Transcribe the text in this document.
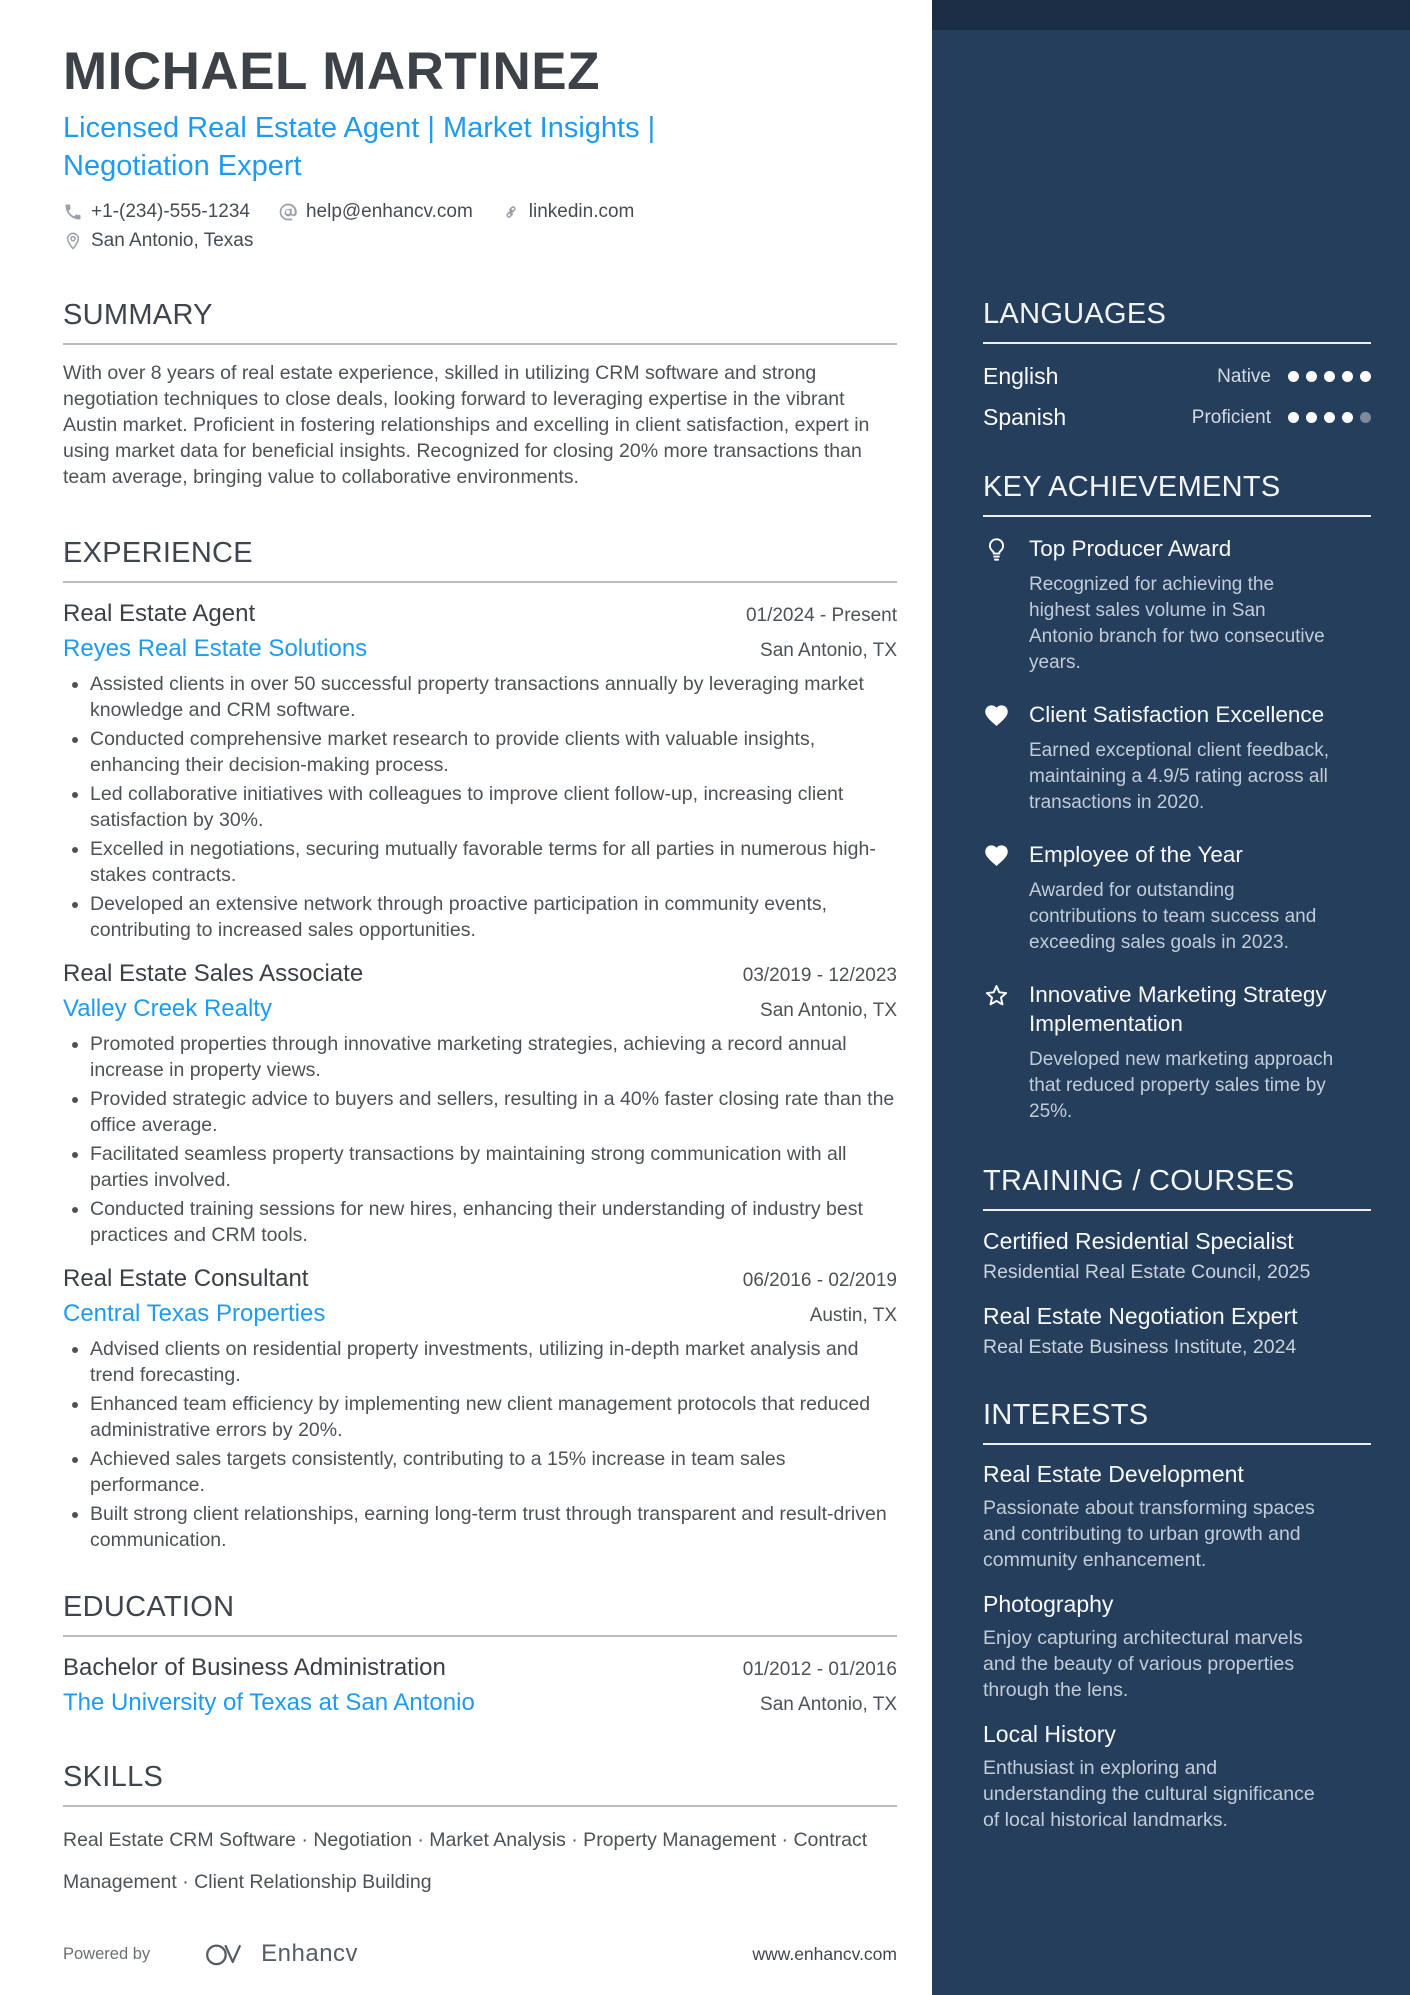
MICHAEL MARTINEZ
Licensed Real Estate Agent | Market Insights | Negotiation Expert
+1-(234)-555-1234	help@enhancv.com	linkedin.com
San Antonio, Texas
SUMMARY
With over 8 years of real estate experience, skilled in utilizing CRM software and strong negotiation techniques to close deals, looking forward to leveraging expertise in the vibrant Austin market. Proficient in fostering relationships and excelling in client satisfaction, expert in using market data for beneficial insights. Recognized for closing 20% more transactions than team average, bringing value to collaborative environments.
EXPERIENCE
Real Estate Agent	01/2024 - Present
Reyes Real Estate Solutions	San Antonio, TX
• Assisted clients in over 50 successful property transactions annually by leveraging market knowledge and CRM software.
• Conducted comprehensive market research to provide clients with valuable insights, enhancing their decision-making process.
• Led collaborative initiatives with colleagues to improve client follow-up, increasing client satisfaction by 30%.
• Excelled in negotiations, securing mutually favorable terms for all parties in numerous high-stakes contracts.
• Developed an extensive network through proactive participation in community events, contributing to increased sales opportunities.
Real Estate Sales Associate	03/2019 - 12/2023
Valley Creek Realty	San Antonio, TX
• Promoted properties through innovative marketing strategies, achieving a record annual increase in property views.
• Provided strategic advice to buyers and sellers, resulting in a 40% faster closing rate than the office average.
• Facilitated seamless property transactions by maintaining strong communication with all parties involved.
• Conducted training sessions for new hires, enhancing their understanding of industry best practices and CRM tools.
Real Estate Consultant	06/2016 - 02/2019
Central Texas Properties	Austin, TX
• Advised clients on residential property investments, utilizing in-depth market analysis and trend forecasting.
• Enhanced team efficiency by implementing new client management protocols that reduced administrative errors by 20%.
• Achieved sales targets consistently, contributing to a 15% increase in team sales performance.
• Built strong client relationships, earning long-term trust through transparent and result-driven communication.
EDUCATION
Bachelor of Business Administration	01/2012 - 01/2016
The University of Texas at San Antonio	San Antonio, TX
SKILLS
Real Estate CRM Software · Negotiation · Market Analysis · Property Management · Contract Management · Client Relationship Building
Powered by	Enhancv	www.enhancv.com
LANGUAGES
English	Native
Spanish	Proficient
KEY ACHIEVEMENTS
Top Producer Award
Recognized for achieving the highest sales volume in San Antonio branch for two consecutive years.
Client Satisfaction Excellence
Earned exceptional client feedback, maintaining a 4.9/5 rating across all transactions in 2020.
Employee of the Year
Awarded for outstanding contributions to team success and exceeding sales goals in 2023.
Innovative Marketing Strategy Implementation
Developed new marketing approach that reduced property sales time by 25%.
TRAINING / COURSES
Certified Residential Specialist
Residential Real Estate Council, 2025
Real Estate Negotiation Expert
Real Estate Business Institute, 2024
INTERESTS
Real Estate Development
Passionate about transforming spaces and contributing to urban growth and community enhancement.
Photography
Enjoy capturing architectural marvels and the beauty of various properties through the lens.
Local History
Enthusiast in exploring and understanding the cultural significance of local historical landmarks.
